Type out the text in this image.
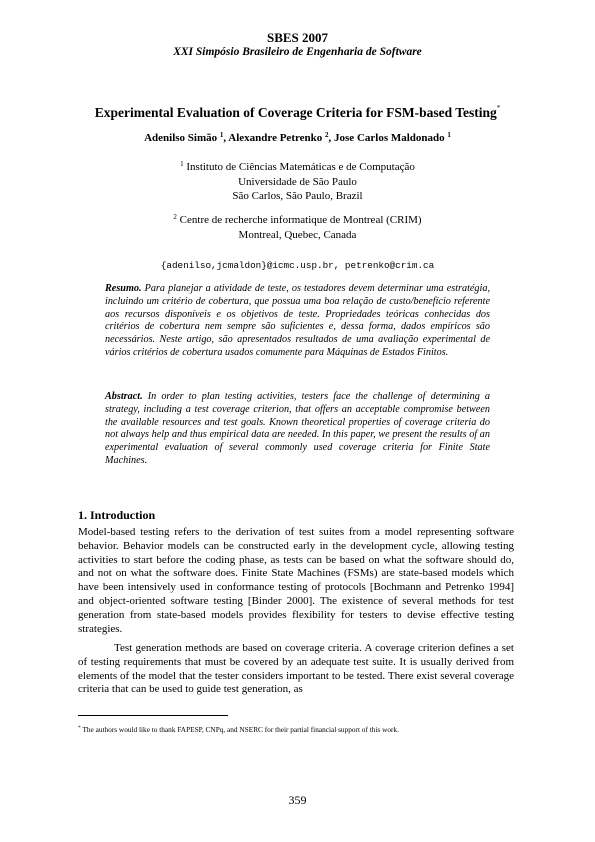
SBES 2007
XXI Simpósio Brasileiro de Engenharia de Software
Experimental Evaluation of Coverage Criteria for FSM-based Testing*
Adenilso Simão $^1$, Alexandre Petrenko $^2$, Jose Carlos Maldonado $^1$
$^1$ Instituto de Ciências Matemáticas e de Computação
Universidade de São Paulo
São Carlos, São Paulo, Brazil
$^2$ Centre de recherche informatique de Montreal (CRIM)
Montreal, Quebec, Canada
{adenilso,jcmaldon}@icmc.usp.br, petrenko@crim.ca
Resumo. Para planejar a atividade de teste, os testadores devem determinar uma estratégia, incluindo um critério de cobertura, que possua uma boa relação de custo/benefício referente aos recursos disponíveis e os objetivos de teste. Propriedades teóricas conhecidas dos critérios de cobertura nem sempre são suficientes e, dessa forma, dados empíricos são necessários. Neste artigo, são apresentados resultados de uma avaliação experimental de vários critérios de cobertura usados comumente para Máquinas de Estados Finitos.
Abstract. In order to plan testing activities, testers face the challenge of determining a strategy, including a test coverage criterion, that offers an acceptable compromise between the available resources and test goals. Known theoretical properties of coverage criteria do not always help and thus empirical data are needed. In this paper, we present the results of an experimental evaluation of several commonly used coverage criteria for Finite State Machines.
1. Introduction
Model-based testing refers to the derivation of test suites from a model representing software behavior. Behavior models can be constructed early in the development cycle, allowing testing activities to start before the coding phase, as tests can be based on what the software should do, and not on what the software does. Finite State Machines (FSMs) are state-based models which have been intensively used in conformance testing of protocols [Bochmann and Petrenko 1994] and object-oriented software testing [Binder 2000]. The existence of several methods for test generation from state-based models provides flexibility for testers to devise effective testing strategies.
Test generation methods are based on coverage criteria. A coverage criterion defines a set of testing requirements that must be covered by an adequate test suite. It is usually derived from elements of the model that the tester considers important to be tested. There exist several coverage criteria that can be used to guide test generation, as
* The authors would like to thank FAPESP, CNPq, and NSERC for their partial financial support of this work.
359
